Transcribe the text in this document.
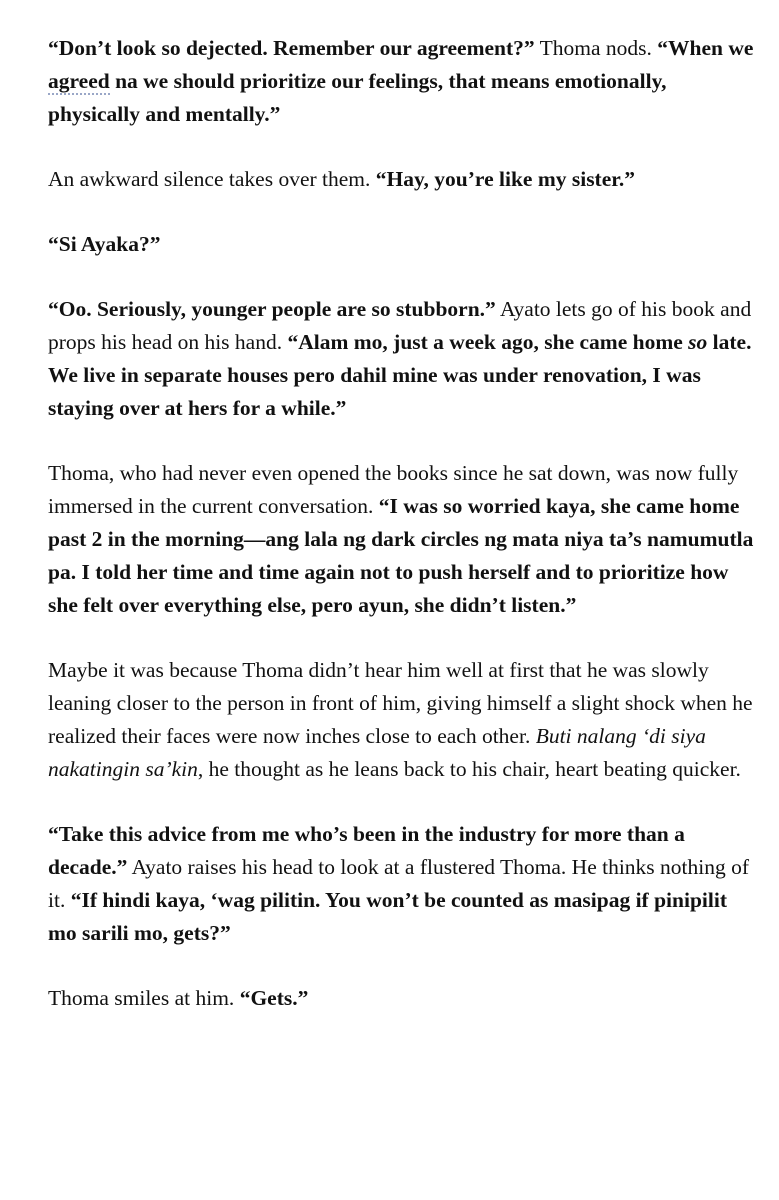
“Don’t look so dejected. Remember our agreement?” Thoma nods. “When we agreed na we should prioritize our feelings, that means emotionally, physically and mentally.”

An awkward silence takes over them. “Hay, you’re like my sister.”

“Si Ayaka?”

“Oo. Seriously, younger people are so stubborn.” Ayato lets go of his book and props his head on his hand. “Alam mo, just a week ago, she came home so late. We live in separate houses pero dahil mine was under renovation, I was staying over at hers for a while.”

Thoma, who had never even opened the books since he sat down, was now fully immersed in the current conversation. “I was so worried kaya, she came home past 2 in the morning—ang lala ng dark circles ng mata niya ta’s namumutla pa. I told her time and time again not to push herself and to prioritize how she felt over everything else, pero ayun, she didn’t listen.”

Maybe it was because Thoma didn’t hear him well at first that he was slowly leaning closer to the person in front of him, giving himself a slight shock when he realized their faces were now inches close to each other. Buti nalang ‘di siya nakatingin sa’kin, he thought as he leans back to his chair, heart beating quicker.

“Take this advice from me who’s been in the industry for more than a decade.” Ayato raises his head to look at a flustered Thoma. He thinks nothing of it. “If hindi kaya, ‘wag pilitin. You won’t be counted as masipag if pinipilit mo sarili mo, gets?”

Thoma smiles at him. “Gets.”
